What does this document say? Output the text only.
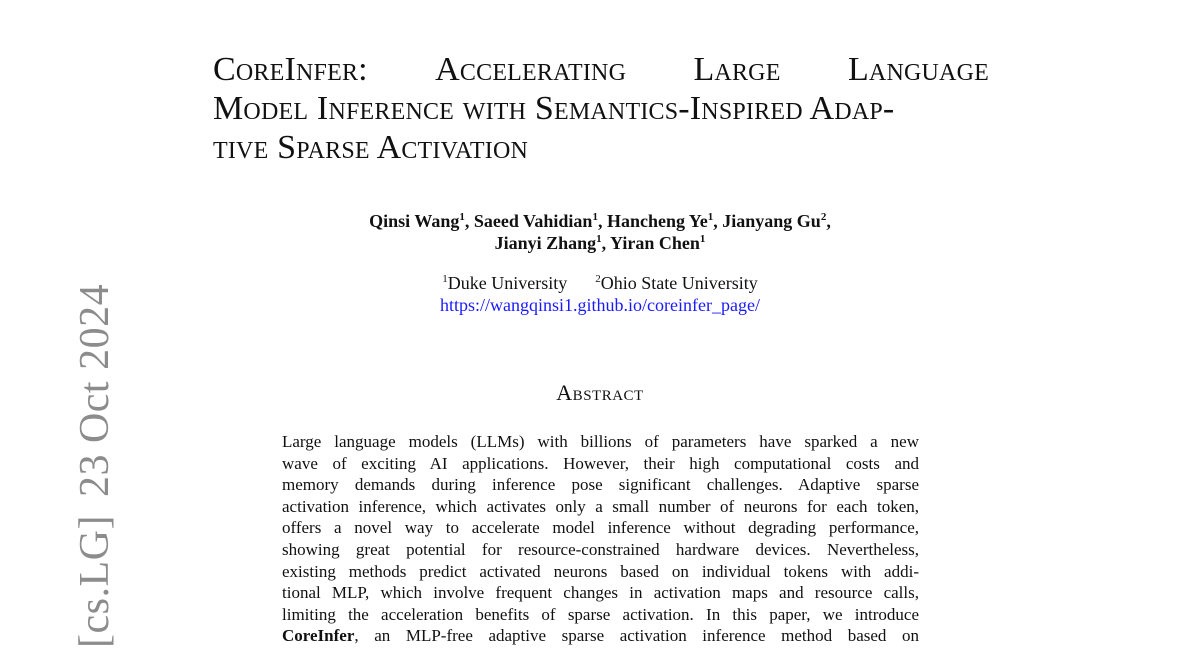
CoreInfer: Accelerating Large Language
Model Inference with Semantics-Inspired Adap-
tive Sparse Activation
Qinsi Wang$^1$, Saeed Vahidian$^1$, Hancheng Ye$^1$, Jianyang Gu$^2$,
Jianyi Zhang$^1$, Yiran Chen$^1$
$^1$Duke University	$^2$Ohio State University
https://wangqinsi1.github.io/coreinfer_page/
Abstract
Large language models (LLMs) with billions of parameters have sparked a new
wave of exciting AI applications. However, their high computational costs and
memory demands during inference pose significant challenges. Adaptive sparse
activation inference, which activates only a small number of neurons for each token,
offers a novel way to accelerate model inference without degrading performance,
showing great potential for resource-constrained hardware devices. Nevertheless,
existing methods predict activated neurons based on individual tokens with addi-
tional MLP, which involve frequent changes in activation maps and resource calls,
limiting the acceleration benefits of sparse activation. In this paper, we introduce
CoreInfer, an MLP-free adaptive sparse activation inference method based on
[cs.LG]23 Oct 2024
